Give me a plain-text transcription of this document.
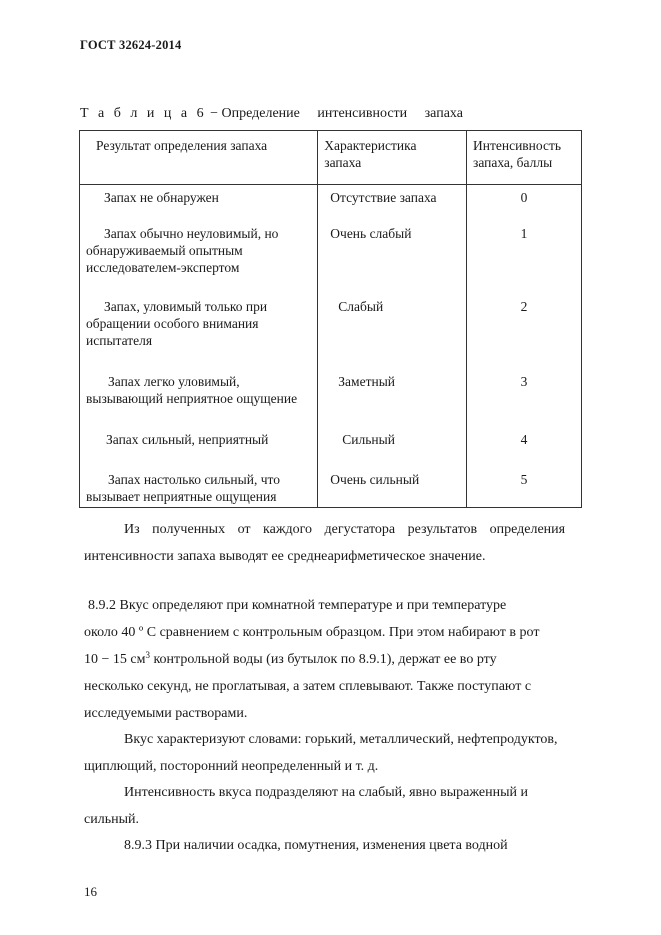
ГОСТ 32624-2014
Т а б л и ц а 6 − Определение интенсивности запаха
Результат определения запаха	Характеристика запаха	Интенсивность запаха, баллы

Запах не обнаружен	Отсутствие запаха	0

Запах обычно неуловимый, но обнаруживаемый опытным исследователем-экспертом	Очень слабый	1

Запах, уловимый только при обращении особого внимания испытателя	Слабый	2

Запах легко уловимый, вызывающий неприятное ощущение	Заметный	3

Запах сильный, неприятный	Сильный	4

Запах настолько сильный, что вызывает неприятные ощущения	Очень сильный	5
Из полученных от каждого дегустатора результатов определения
интенсивности запаха выводят ее среднеарифметическое значение.
8.9.2 Вкус определяют при комнатной температуре и при температуре
около 40 º С сравнением с контрольным образцом. При этом набирают в рот
10 − 15 $см^3$ контрольной воды (из бутылок по 8.9.1), держат ее во рту
несколько секунд, не проглатывая, а затем сплевывают. Также поступают с
исследуемыми растворами.
Вкус характеризуют словами: горький, металлический, нефтепродуктов,
щиплющий, посторонний неопределенный и т. д.
Интенсивность вкуса подразделяют на слабый, явно выраженный и
сильный.
8.9.3 При наличии осадка, помутнения, изменения цвета водной
16
